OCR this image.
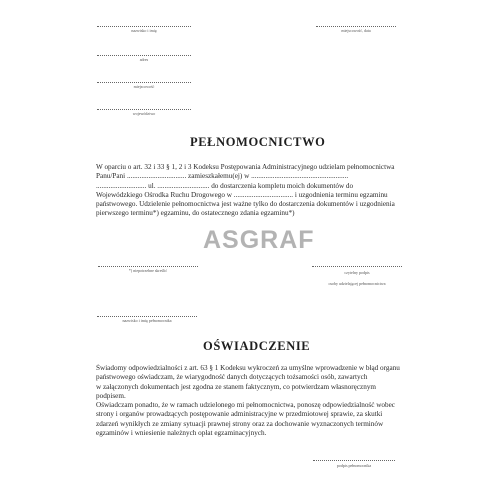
nazwisko i imię
adres
miejscowość
województwo
miejscowość, data
PEŁNOMOCNICTWO
W oparciu o art. 32 i 33 § 1, 2 i 3 Kodeksu Postępowania Administracyjnego udzielam pełnomocnictwa
Panu/Pani ................................. zamieszkałemu(ej) w ......................................................
............................ ul. ............................. do dostarczenia kompletu moich dokumentów do
Wojewódzkiego Ośrodka Ruchu Drogowego w ................................. i uzgodnienia terminu egzaminu
państwowego. Udzielenie pełnomocnictwa jest ważne tylko do dostarczenia dokumentów i uzgodnienia
pierwszego terminu*) egzaminu, do ostatecznego zdania egzaminu*)
ASGRAF
*) niepotrzebne skreślić	czytelny podpis
osoby udzielającej pełnomocnictwa
nazwisko i imię pełnomocnika
OŚWIADCZENIE
Świadomy odpowiedzialności z art. 63 § 1 Kodeksu wykroczeń za umyślne wprowadzenie w błąd organu
państwowego oświadczam, że wiarygodność danych dotyczących tożsamości osób, zawartych
w załączonych dokumentach jest zgodna ze stanem faktycznym, co potwierdzam własnoręcznym
podpisem.
Oświadczam ponadto, że w ramach udzielonego mi pełnomocnictwa, ponoszę odpowiedzialność wobec
strony i organów prowadzących postępowanie administracyjne w przedmiotowej sprawie, za skutki
zdarzeń wynikłych ze zmiany sytuacji prawnej strony oraz za dochowanie wyznaczonych terminów
egzaminów i wniesienie należnych opłat egzaminacyjnych.
podpis pełnomocnika
